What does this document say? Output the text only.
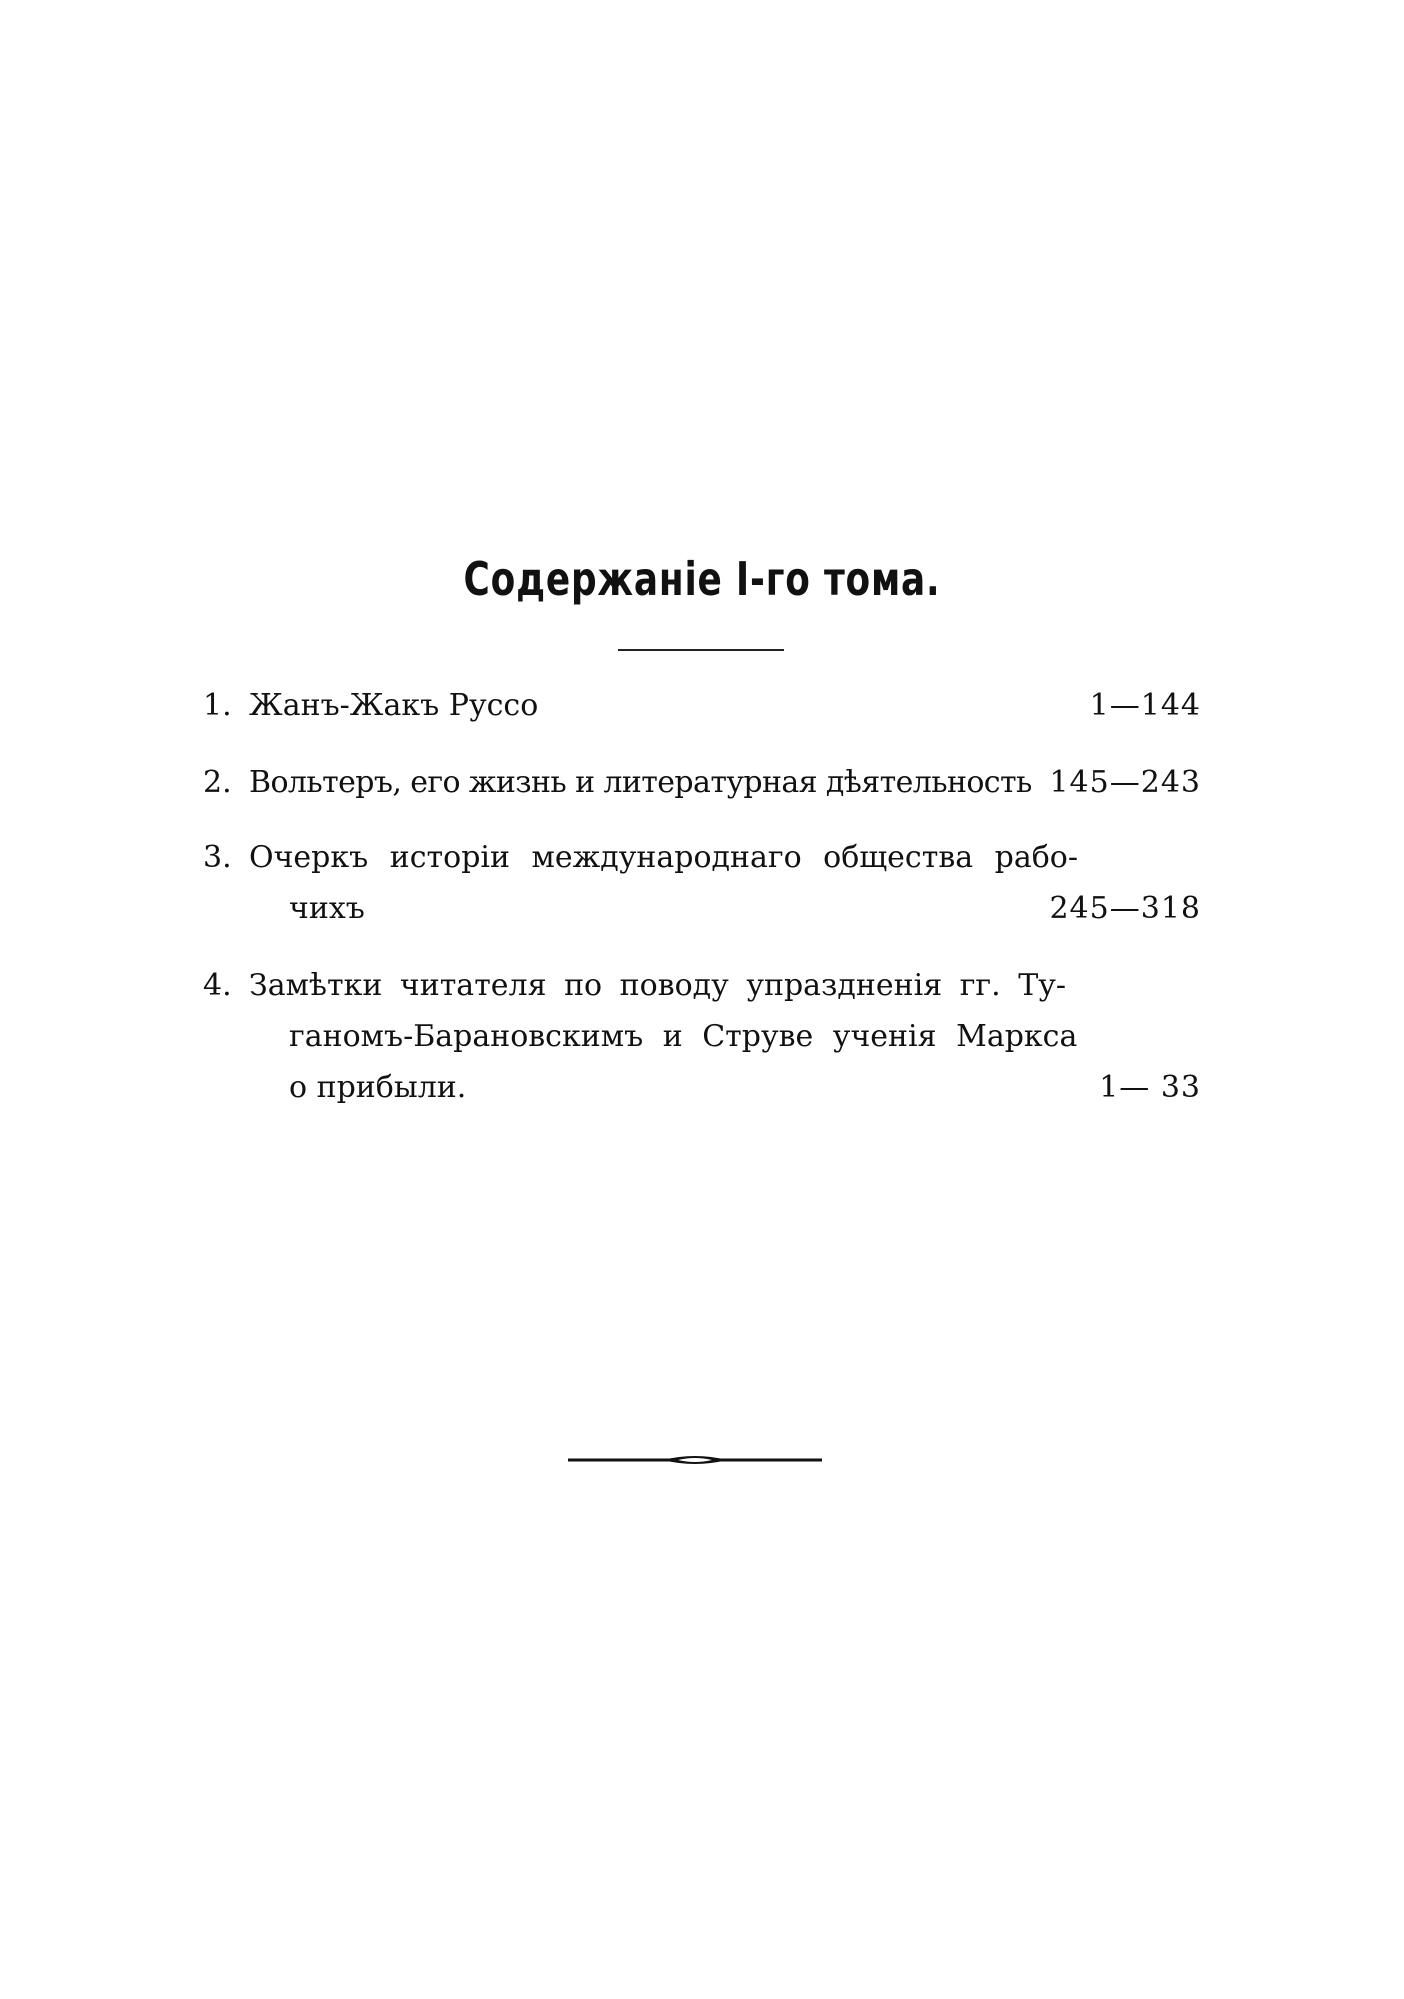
Содержаніе I-го тома.
1. Жанъ-Жакъ Руссо	1—144
2. Вольтеръ, его жизнь и литературная дѣятельность 145—243
3. Очеркъ исторіи международнаго общества рабо-
чихъ	245—318
4. Замѣтки читателя по поводу упраздненія гг. Ту-
ганомъ-Барановскимъ и Струве ученія Маркса
о прибыли.	1— 33
